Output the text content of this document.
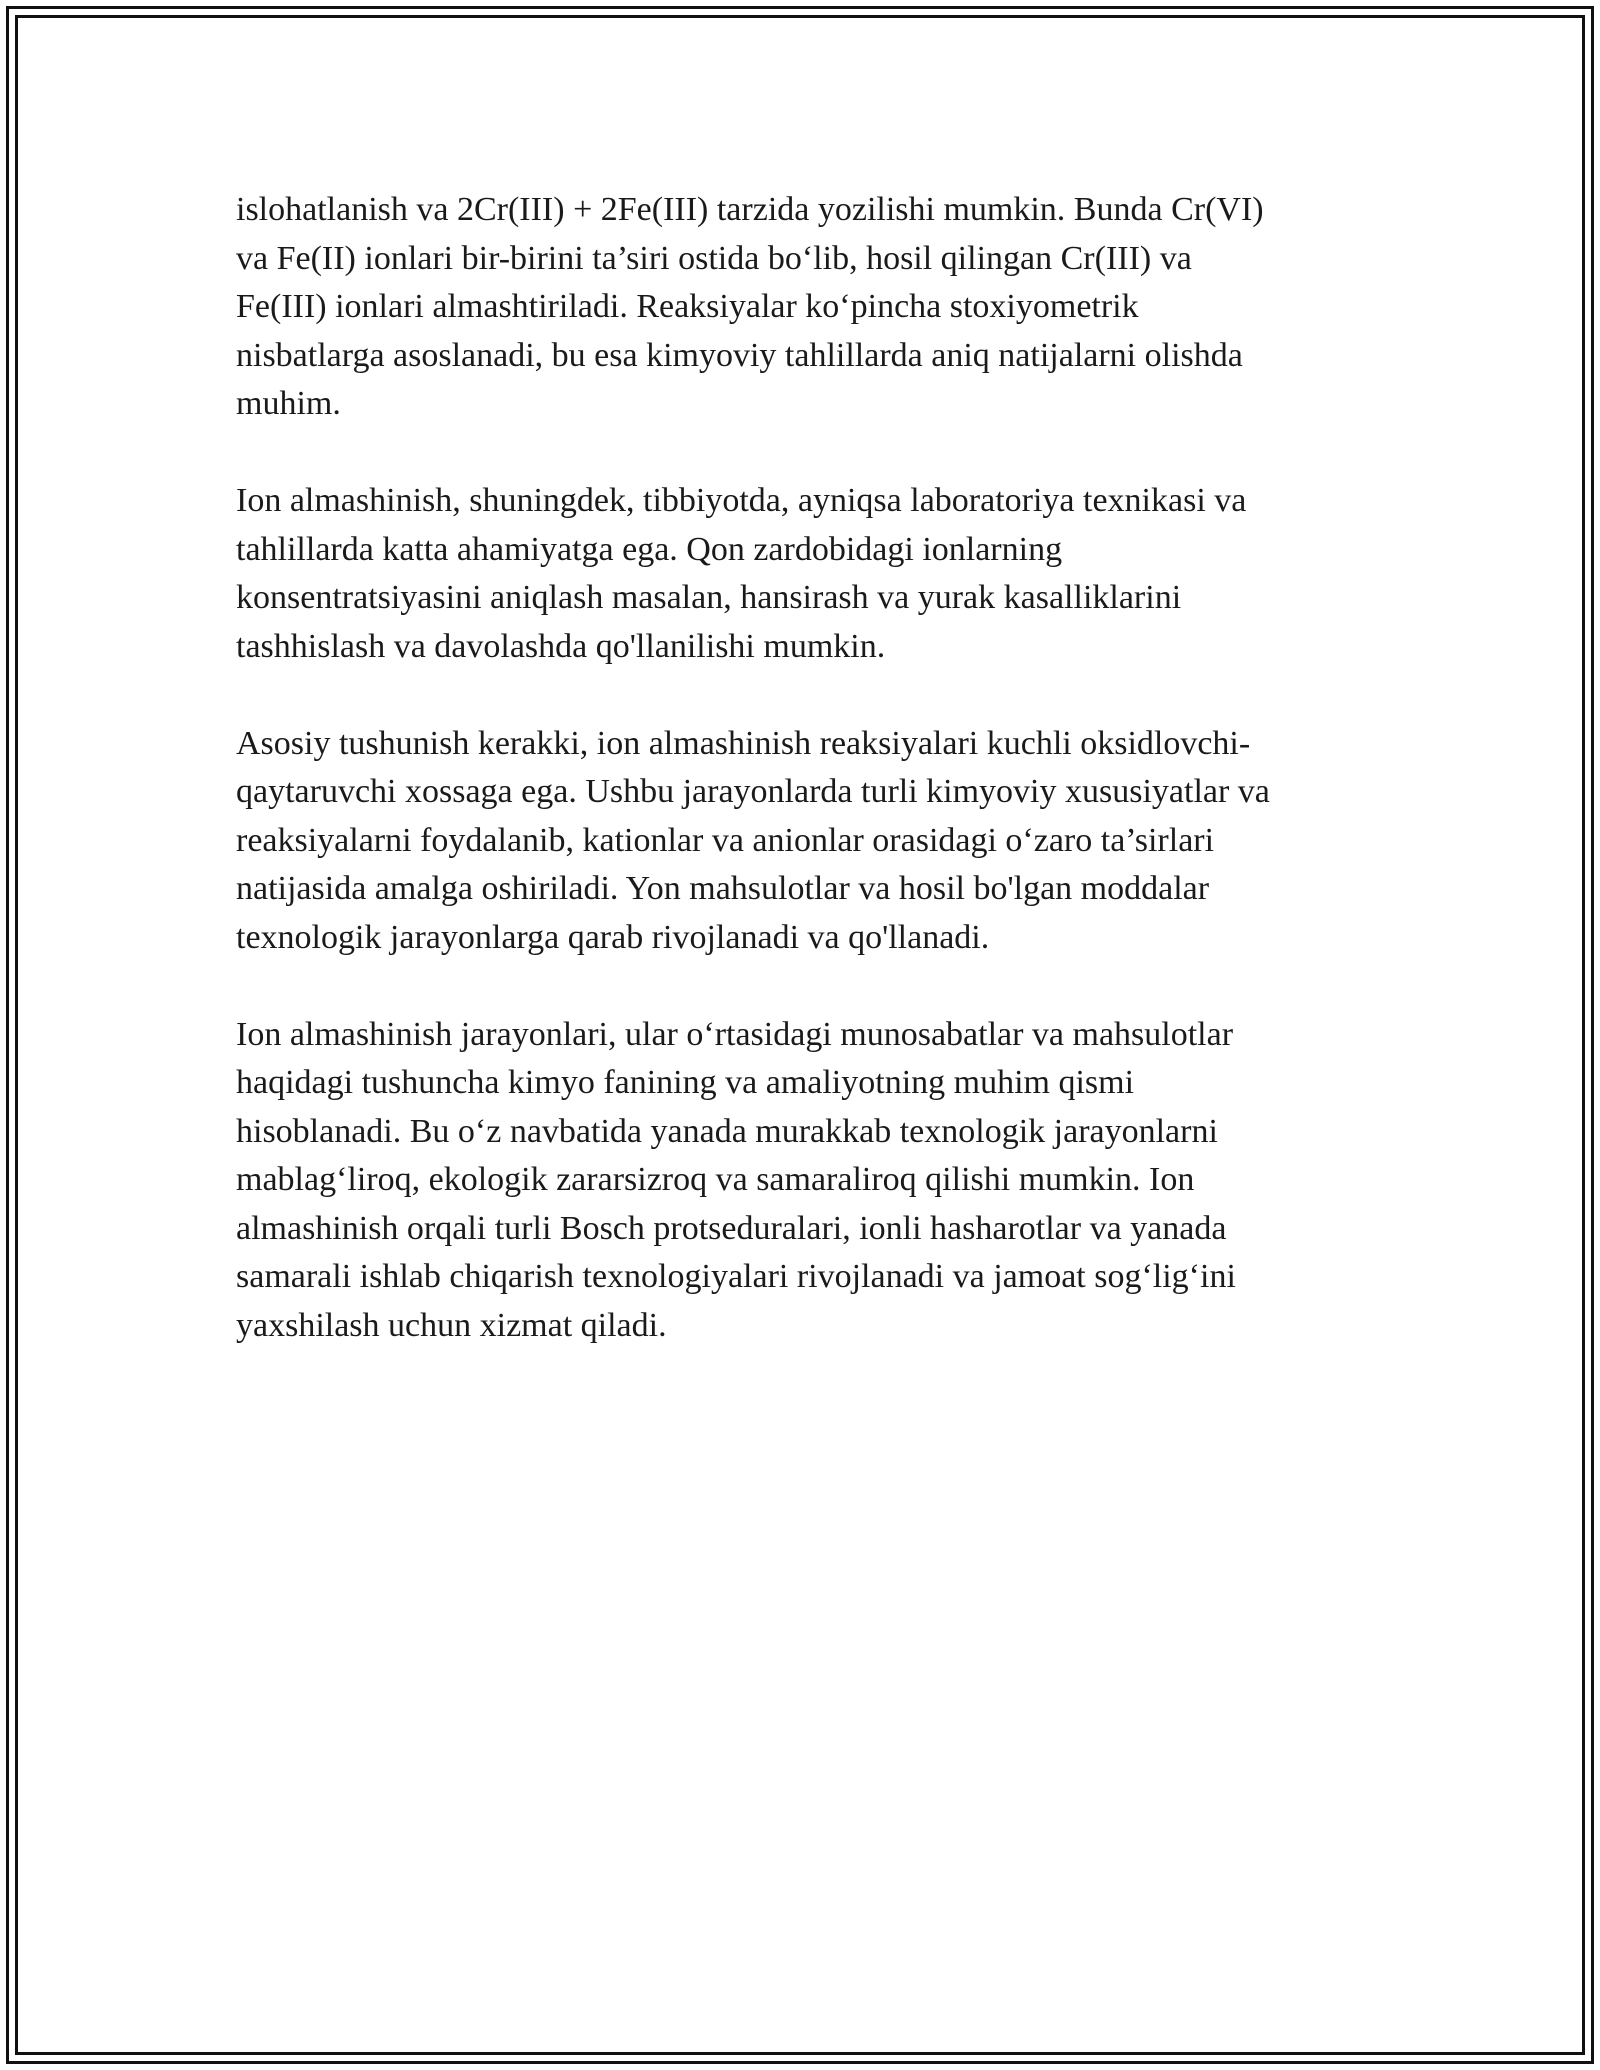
islohatlanish va 2Cr(III) + 2Fe(III) tarzida yozilishi mumkin. Bunda Cr(VI)
va Fe(II) ionlari bir-birini ta’siri ostida bo‘lib, hosil qilingan Cr(III) va
Fe(III) ionlari almashtiriladi. Reaksiyalar ko‘pincha stoxiyometrik
nisbatlarga asoslanadi, bu esa kimyoviy tahlillarda aniq natijalarni olishda
muhim.

Ion almashinish, shuningdek, tibbiyotda, ayniqsa laboratoriya texnikasi va
tahlillarda katta ahamiyatga ega. Qon zardobidagi ionlarning
konsentratsiyasini aniqlash masalan, hansirash va yurak kasalliklarini
tashhislash va davolashda qo'llanilishi mumkin.

Asosiy tushunish kerakki, ion almashinish reaksiyalari kuchli oksidlovchi-
qaytaruvchi xossaga ega. Ushbu jarayonlarda turli kimyoviy xususiyatlar va
reaksiyalarni foydalanib, kationlar va anionlar orasidagi o‘zaro ta’sirlari
natijasida amalga oshiriladi. Yon mahsulotlar va hosil bo'lgan moddalar
texnologik jarayonlarga qarab rivojlanadi va qo'llanadi.

Ion almashinish jarayonlari, ular o‘rtasidagi munosabatlar va mahsulotlar
haqidagi tushuncha kimyo fanining va amaliyotning muhim qismi
hisoblanadi. Bu o‘z navbatida yanada murakkab texnologik jarayonlarni
mablag‘liroq, ekologik zararsizroq va samaraliroq qilishi mumkin. Ion
almashinish orqali turli Bosch protseduralari, ionli hasharotlar va yanada
samarali ishlab chiqarish texnologiyalari rivojlanadi va jamoat sog‘lig‘ini
yaxshilash uchun xizmat qiladi.
